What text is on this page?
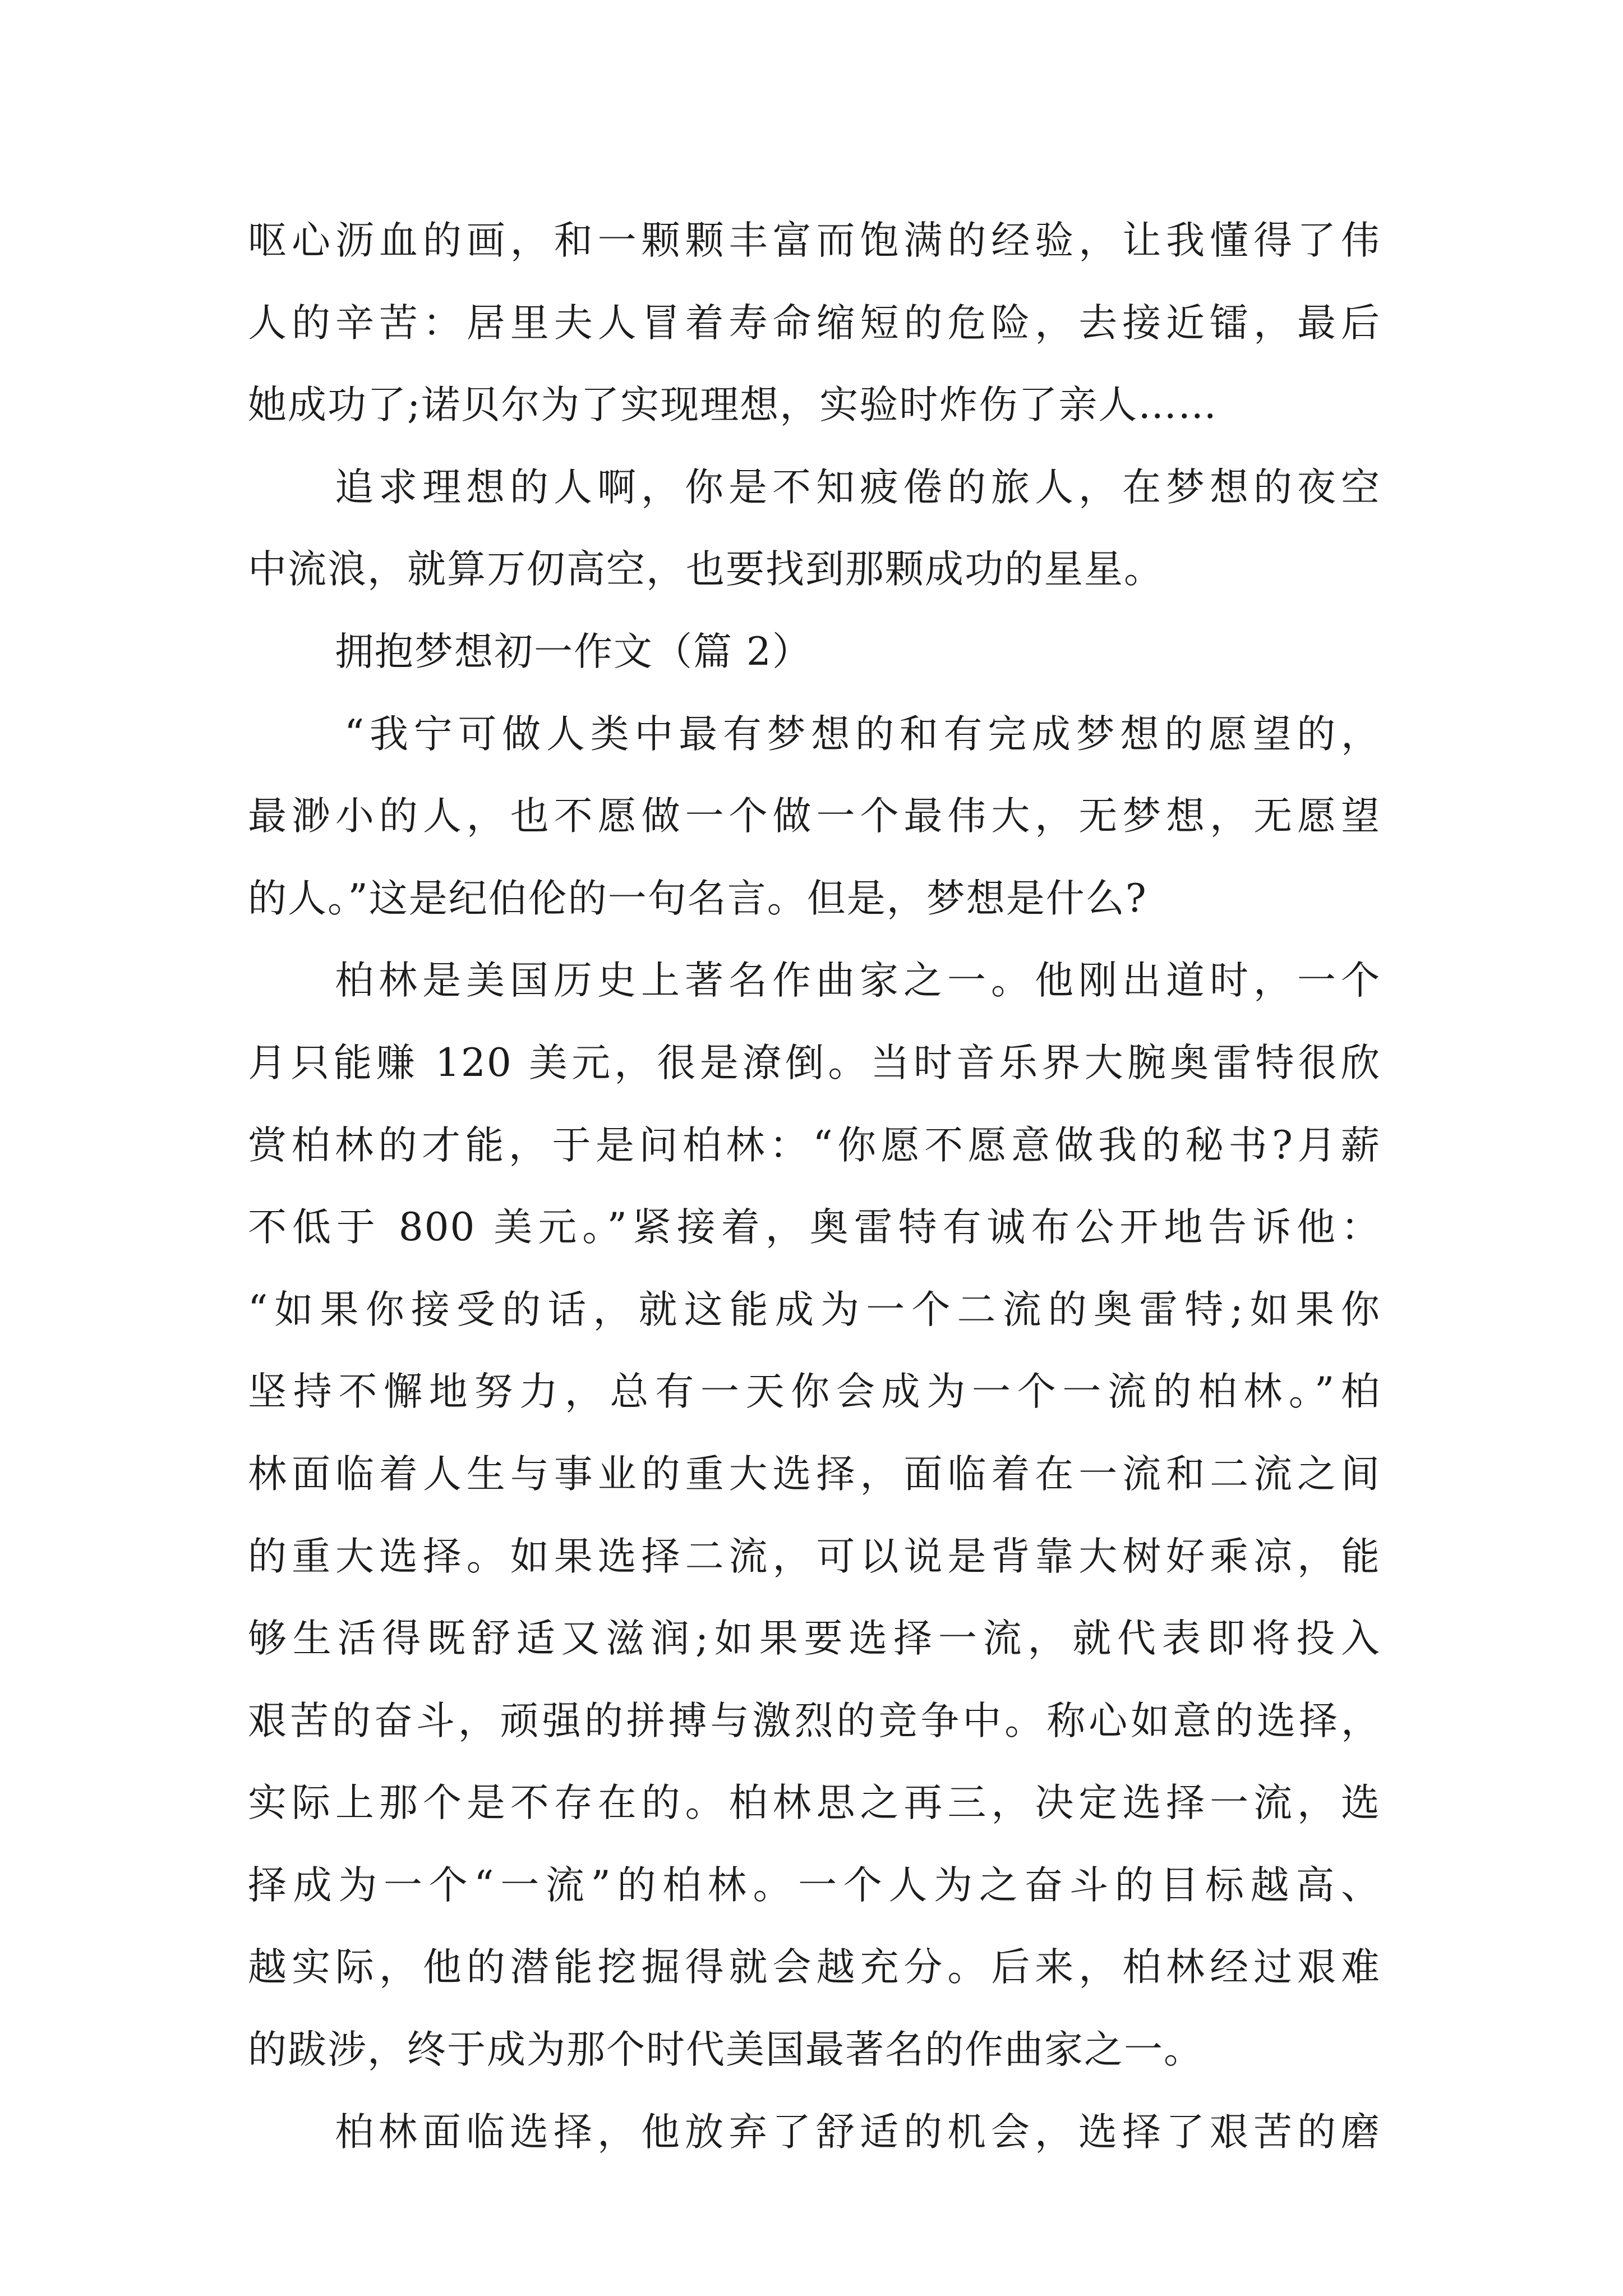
呕心沥血的画，和一颗颗丰富而饱满的经验，让我懂得了伟
人的辛苦：居里夫人冒着寿命缩短的危险，去接近镭，最后
她成功了;诺贝尔为了实现理想，实验时炸伤了亲人……
追求理想的人啊，你是不知疲倦的旅人，在梦想的夜空
中流浪，就算万仞高空，也要找到那颗成功的星星。
拥抱梦想初一作文（篇 2）
“我宁可做人类中最有梦想的和有完成梦想的愿望的，
最渺小的人，也不愿做一个做一个最伟大，无梦想，无愿望
的人。”这是纪伯伦的一句名言。但是，梦想是什么?
柏林是美国历史上著名作曲家之一。他刚出道时，一个
月只能赚 120 美元，很是潦倒。当时音乐界大腕奥雷特很欣
赏柏林的才能，于是问柏林：“你愿不愿意做我的秘书?月薪
不低于 800 美元。”紧接着，奥雷特有诚布公开地告诉他：
“如果你接受的话，就这能成为一个二流的奥雷特;如果你
坚持不懈地努力，总有一天你会成为一个一流的柏林。”柏
林面临着人生与事业的重大选择，面临着在一流和二流之间
的重大选择。如果选择二流，可以说是背靠大树好乘凉，能
够生活得既舒适又滋润;如果要选择一流，就代表即将投入
艰苦的奋斗，顽强的拼搏与激烈的竞争中。称心如意的选择，
实际上那个是不存在的。柏林思之再三，决定选择一流，选
择成为一个“一流”的柏林。一个人为之奋斗的目标越高、
越实际，他的潜能挖掘得就会越充分。后来，柏林经过艰难
的跋涉，终于成为那个时代美国最著名的作曲家之一。
柏林面临选择，他放弃了舒适的机会，选择了艰苦的磨
